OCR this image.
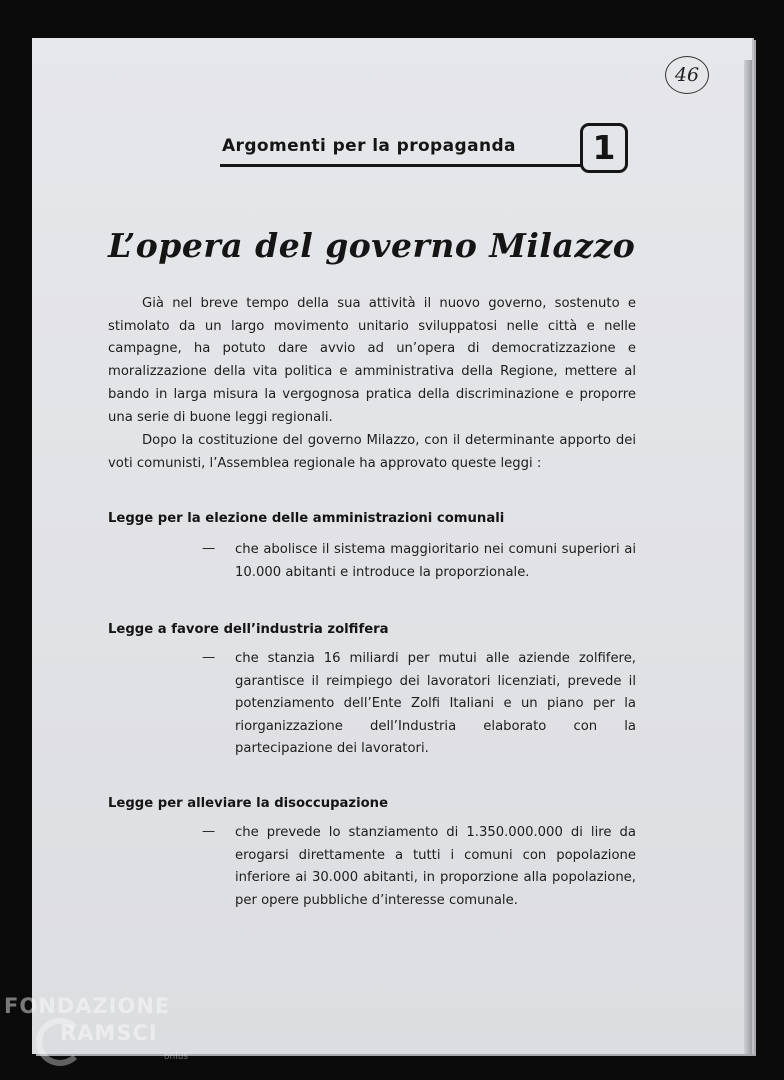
46
Argomenti per la propaganda	1
L’opera del governo Milazzo

Già nel breve tempo della sua attività il nuovo governo, sostenuto e stimolato da un largo movimento unitario sviluppatosi nelle città e nelle campagne, ha potuto dare avvio ad un’opera di democratizzazione e moralizzazione della vita politica e amministrativa della Regione, mettere al bando in larga misura la vergognosa pratica della discriminazione e proporre una serie di buone leggi regionali.

Dopo la costituzione del governo Milazzo, con il determinante apporto dei voti comunisti, l’Assemblea regionale ha approvato queste leggi :

Legge per la elezione delle amministrazioni comunali
— che abolisce il sistema maggioritario nei comuni superiori ai 10.000 abitanti e introduce la proporzionale.

Legge a favore dell’industria zolfifera
— che stanzia 16 miliardi per mutui alle aziende zolfifere, garantisce il reimpiego dei lavoratori licenziati, prevede il potenziamento dell’Ente Zolfi Italiani e un piano per la riorganizzazione dell’Industria elaborato con la partecipazione dei lavoratori.

Legge per alleviare la disoccupazione
— che prevede lo stanziamento di 1.350.000.000 di lire da erogarsi direttamente a tutti i comuni con popolazione inferiore ai 30.000 abitanti, in proporzione alla popolazione, per opere pubbliche d’interesse comunale.

FONDAZIONE
RAMSCI
onlus
